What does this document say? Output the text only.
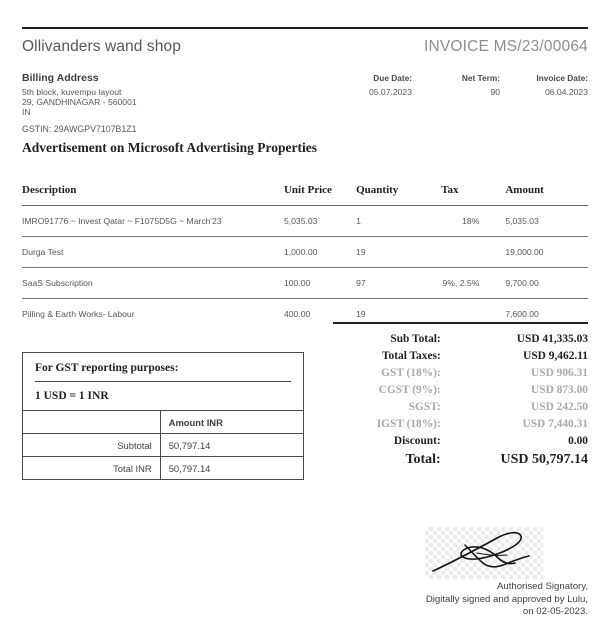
Ollivanders wand shop	INVOICE MS/23/00064
Billing Address
5th block, kuvempu layout
29, GANDHINAGAR - 560001
IN
GSTIN: 29AWGPV7107B1Z1
Due Date:
05.07.2023
Net Term:
90
Invoice Date:
06.04.2023
Advertisement on Microsoft Advertising Properties
Description	Unit Price	Quantity	Tax	Amount
IMRO91776 ~ Invest Qatar ~ F1075D5G ~ March'23	5,035.03	1	18%	5,035.03
Durga Test	1,000.00	19		19,000.00
SaaS Subscription	100.00	97	9%, 2.5%	9,700.00
Pilling & Earth Works- Labour	400.00	19		7,600.00
For GST reporting purposes:
1 USD = 1 INR
	Amount INR
Subtotal	50,797.14
Total INR	50,797.14
Sub Total:	USD 41,335.03
Total Taxes:	USD 9,462.11
GST (18%):	USD 906.31
CGST (9%):	USD 873.00
SGST:	USD 242.50
IGST (18%):	USD 7,440.31
Discount:	0.00
Total:	USD 50,797.14
Authorised Signatory,
Digitally signed and approved by Lulu,
on 02-05-2023.
